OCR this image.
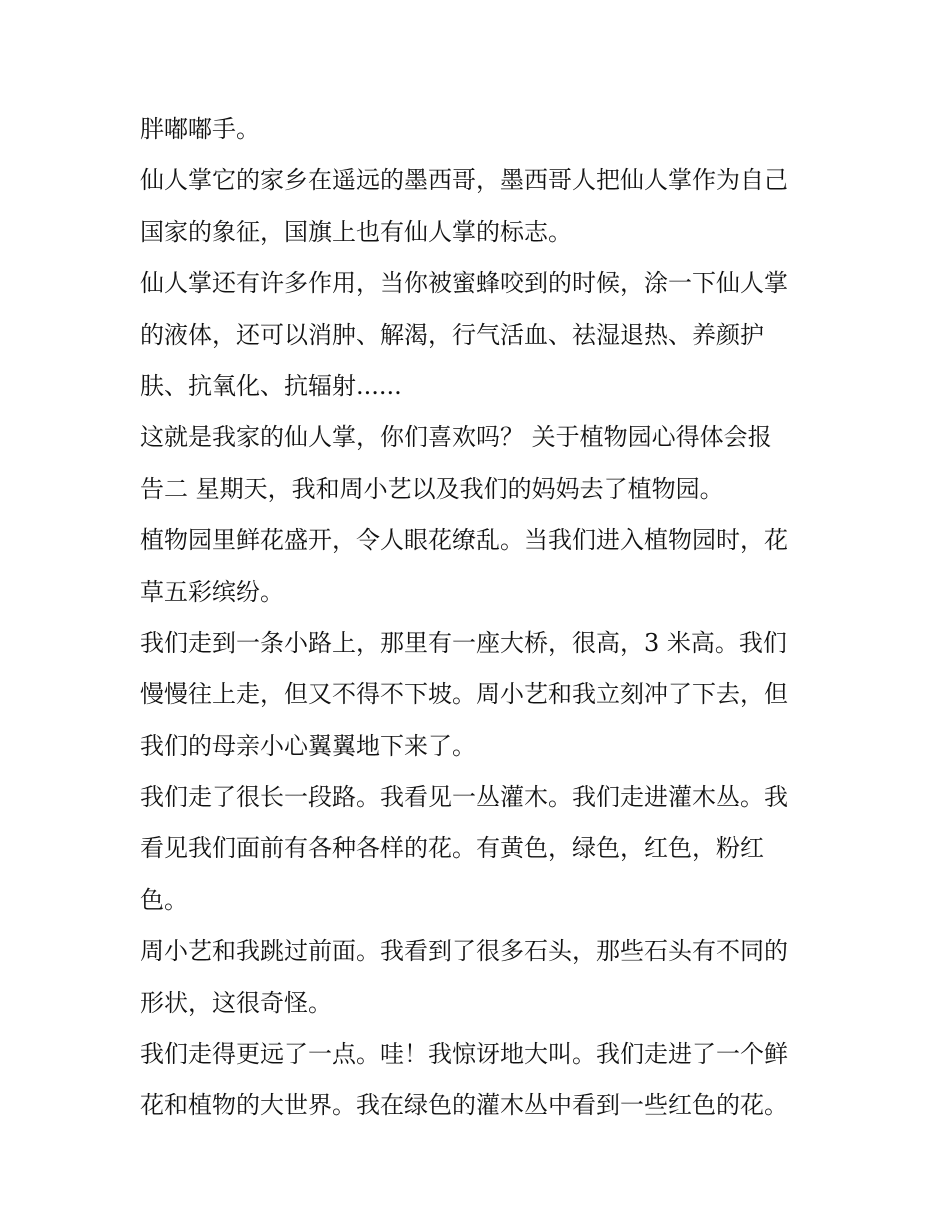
胖嘟嘟手。

仙人掌它的家乡在遥远的墨西哥，墨西哥人把仙人掌作为自己
国家的象征，国旗上也有仙人掌的标志。

仙人掌还有许多作用，当你被蜜蜂咬到的时候，涂一下仙人掌
的液体，还可以消肿、解渴，行气活血、祛湿退热、养颜护
肤、抗氧化、抗辐射......

这就是我家的仙人掌，你们喜欢吗？ 关于植物园心得体会报
告二 星期天，我和周小艺以及我们的妈妈去了植物园。

植物园里鲜花盛开，令人眼花缭乱。当我们进入植物园时，花
草五彩缤纷。

我们走到一条小路上，那里有一座大桥，很高，3 米高。我们
慢慢往上走，但又不得不下坡。周小艺和我立刻冲了下去，但
我们的母亲小心翼翼地下来了。

我们走了很长一段路。我看见一丛灌木。我们走进灌木丛。我
看见我们面前有各种各样的花。有黄色，绿色，红色，粉红
色。

周小艺和我跳过前面。我看到了很多石头，那些石头有不同的
形状，这很奇怪。

我们走得更远了一点。哇！我惊讶地大叫。我们走进了一个鲜
花和植物的大世界。我在绿色的灌木丛中看到一些红色的花。
